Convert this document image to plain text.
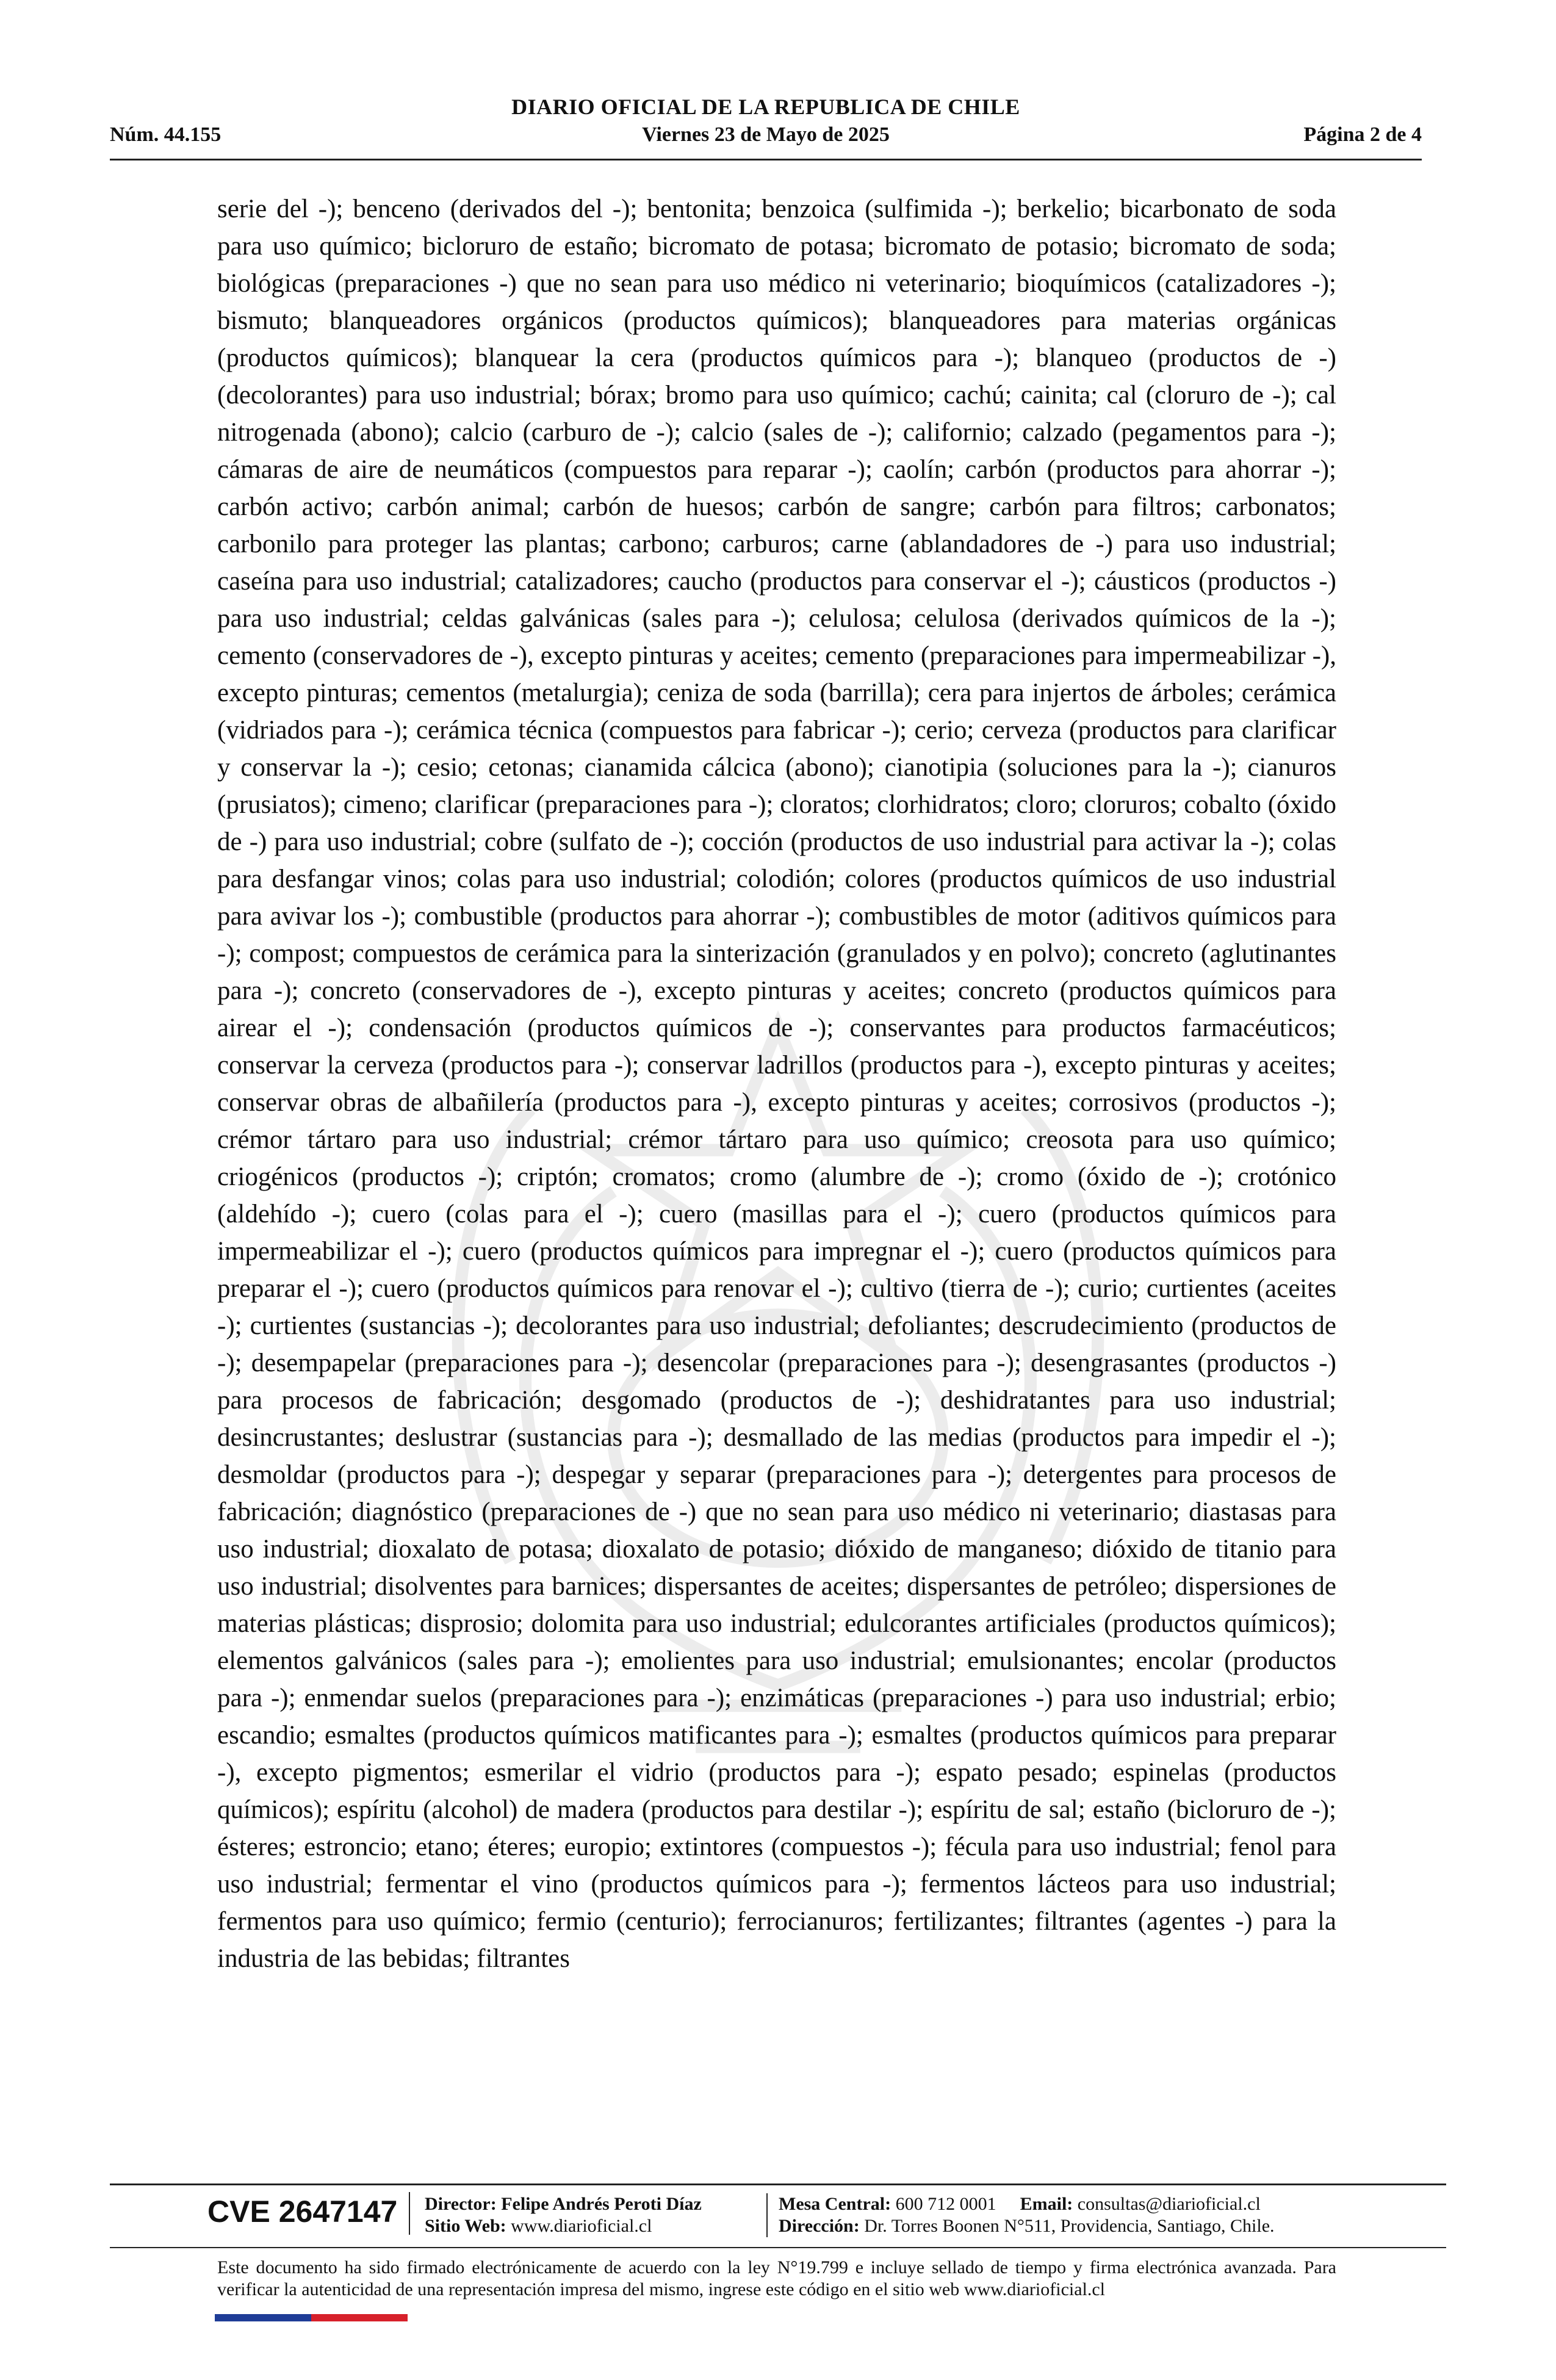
DIARIO OFICIAL DE LA REPUBLICA DE CHILE
Núm. 44.155	Viernes 23 de Mayo de 2025	Página 2 de 4
serie del -); benceno (derivados del -); bentonita; benzoica (sulfimida -); berkelio; bicarbonato de soda para uso químico; bicloruro de estaño; bicromato de potasa; bicromato de potasio; bicromato de soda; biológicas (preparaciones -) que no sean para uso médico ni veterinario; bioquímicos (catalizadores -); bismuto; blanqueadores orgánicos (productos químicos); blanqueadores para materias orgánicas (productos químicos); blanquear la cera (productos químicos para -); blanqueo (productos de -) (decolorantes) para uso industrial; bórax; bromo para uso químico; cachú; cainita; cal (cloruro de -); cal nitrogenada (abono); calcio (carburo de -); calcio (sales de -); californio; calzado (pegamentos para -); cámaras de aire de neumáticos (compuestos para reparar -); caolín; carbón (productos para ahorrar -); carbón activo; carbón animal; carbón de huesos; carbón de sangre; carbón para filtros; carbonatos; carbonilo para proteger las plantas; carbono; carburos; carne (ablandadores de -) para uso industrial; caseína para uso industrial; catalizadores; caucho (productos para conservar el -); cáusticos (productos -) para uso industrial; celdas galvánicas (sales para -); celulosa; celulosa (derivados químicos de la -); cemento (conservadores de -), excepto pinturas y aceites; cemento (preparaciones para impermeabilizar -), excepto pinturas; cementos (metalurgia); ceniza de soda (barrilla); cera para injertos de árboles; cerámica (vidriados para -); cerámica técnica (compuestos para fabricar -); cerio; cerveza (productos para clarificar y conservar la -); cesio; cetonas; cianamida cálcica (abono); cianotipia (soluciones para la -); cianuros (prusiatos); cimeno; clarificar (preparaciones para -); cloratos; clorhidratos; cloro; cloruros; cobalto (óxido de -) para uso industrial; cobre (sulfato de -); cocción (productos de uso industrial para activar la -); colas para desfangar vinos; colas para uso industrial; colodión; colores (productos químicos de uso industrial para avivar los -); combustible (productos para ahorrar -); combustibles de motor (aditivos químicos para -); compost; compuestos de cerámica para la sinterización (granulados y en polvo); concreto (aglutinantes para -); concreto (conservadores de -), excepto pinturas y aceites; concreto (productos químicos para airear el -); condensación (productos químicos de -); conservantes para productos farmacéuticos; conservar la cerveza (productos para -); conservar ladrillos (productos para -), excepto pinturas y aceites; conservar obras de albañilería (productos para -), excepto pinturas y aceites; corrosivos (productos -); crémor tártaro para uso industrial; crémor tártaro para uso químico; creosota para uso químico; criogénicos (productos -); criptón; cromatos; cromo (alumbre de -); cromo (óxido de -); crotónico (aldehído -); cuero (colas para el -); cuero (masillas para el -); cuero (productos químicos para impermeabilizar el -); cuero (productos químicos para impregnar el -); cuero (productos químicos para preparar el -); cuero (productos químicos para renovar el -); cultivo (tierra de -); curio; curtientes (aceites -); curtientes (sustancias -); decolorantes para uso industrial; defoliantes; descrudecimiento (productos de -); desempapelar (preparaciones para -); desencolar (preparaciones para -); desengrasantes (productos -) para procesos de fabricación; desgomado (productos de -); deshidratantes para uso industrial; desincrustantes; deslustrar (sustancias para -); desmallado de las medias (productos para impedir el -); desmoldar (productos para -); despegar y separar (preparaciones para -); detergentes para procesos de fabricación; diagnóstico (preparaciones de -) que no sean para uso médico ni veterinario; diastasas para uso industrial; dioxalato de potasa; dioxalato de potasio; dióxido de manganeso; dióxido de titanio para uso industrial; disolventes para barnices; dispersantes de aceites; dispersantes de petróleo; dispersiones de materias plásticas; disprosio; dolomita para uso industrial; edulcorantes artificiales (productos químicos); elementos galvánicos (sales para -); emolientes para uso industrial; emulsionantes; encolar (productos para -); enmendar suelos (preparaciones para -); enzimáticas (preparaciones -) para uso industrial; erbio; escandio; esmaltes (productos químicos matificantes para -); esmaltes (productos químicos para preparar -), excepto pigmentos; esmerilar el vidrio (productos para -); espato pesado; espinelas (productos químicos); espíritu (alcohol) de madera (productos para destilar -); espíritu de sal; estaño (bicloruro de -); ésteres; estroncio; etano; éteres; europio; extintores (compuestos -); fécula para uso industrial; fenol para uso industrial; fermentar el vino (productos químicos para -); fermentos lácteos para uso industrial; fermentos para uso químico; fermio (centurio); ferrocianuros; fertilizantes; filtrantes (agentes -) para la industria de las bebidas; filtrantes
CVE 2647147	Director: Felipe Andrés Peroti Díaz
Sitio Web: www.diarioficial.cl
Mesa Central: 600 712 0001 Email: consultas@diarioficial.cl
Dirección: Dr. Torres Boonen N°511, Providencia, Santiago, Chile.
Este documento ha sido firmado electrónicamente de acuerdo con la ley N°19.799 e incluye sellado de tiempo y firma electrónica avanzada. Para verificar la autenticidad de una representación impresa del mismo, ingrese este código en el sitio web www.diarioficial.cl
